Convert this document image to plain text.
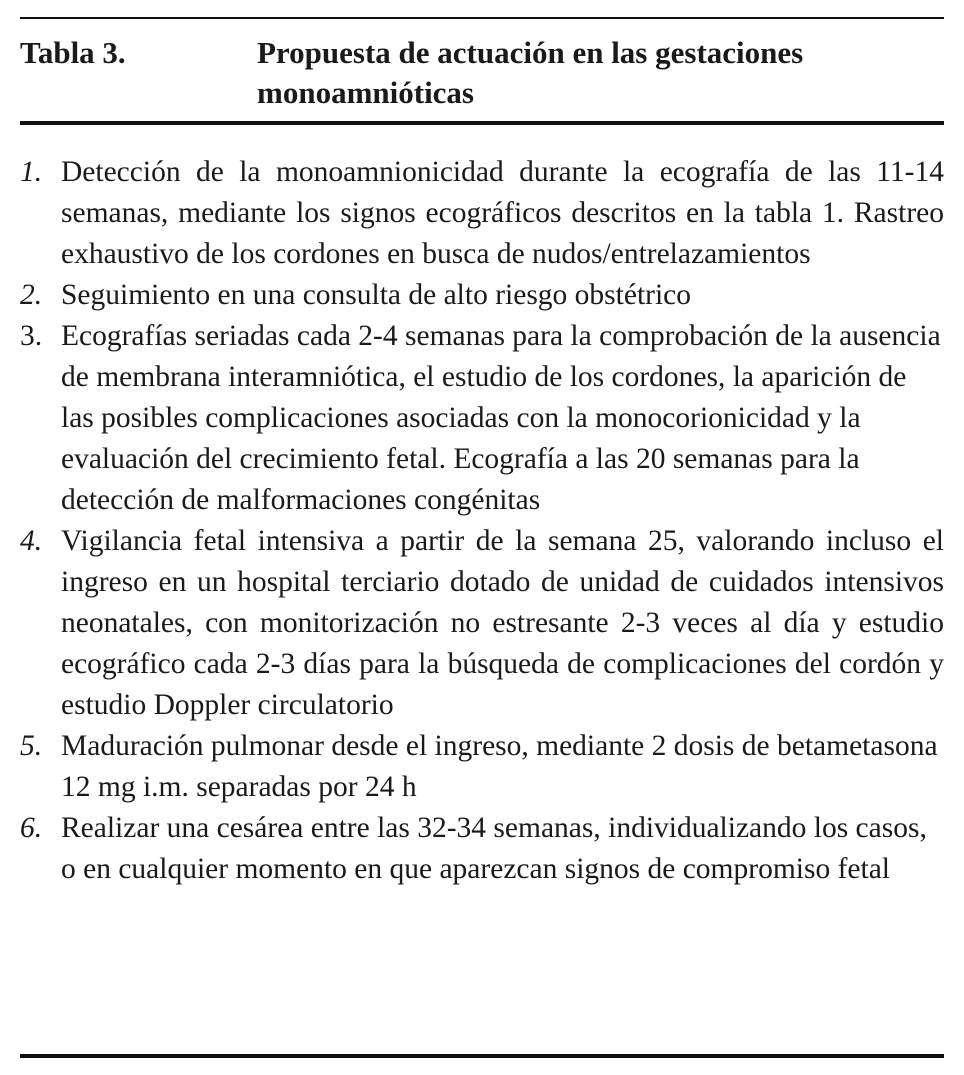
Tabla 3.	Propuesta de actuación en las gestaciones monoamnióticas
1. Detección de la monoamnionicidad durante la ecografía de las 11-14 semanas, mediante los signos ecográficos descritos en la tabla 1. Rastreo exhaustivo de los cordones en busca de nudos/entrelazamientos
2. Seguimiento en una consulta de alto riesgo obstétrico
3. Ecografías seriadas cada 2-4 semanas para la comprobación de la ausencia de membrana interamniótica, el estudio de los cordones, la aparición de las posibles complicaciones asociadas con la monocorionicidad y la evaluación del crecimiento fetal. Ecografía a las 20 semanas para la detección de malformaciones congénitas
4. Vigilancia fetal intensiva a partir de la semana 25, valorando incluso el ingreso en un hospital terciario dotado de unidad de cuidados intensivos neonatales, con monitorización no estresante 2-3 veces al día y estudio ecográfico cada 2-3 días para la búsqueda de complicaciones del cordón y estudio Doppler circulatorio
5. Maduración pulmonar desde el ingreso, mediante 2 dosis de betametasona 12 mg i.m. separadas por 24 h
6. Realizar una cesárea entre las 32-34 semanas, individualizando los casos, o en cualquier momento en que aparezcan signos de compromiso fetal
